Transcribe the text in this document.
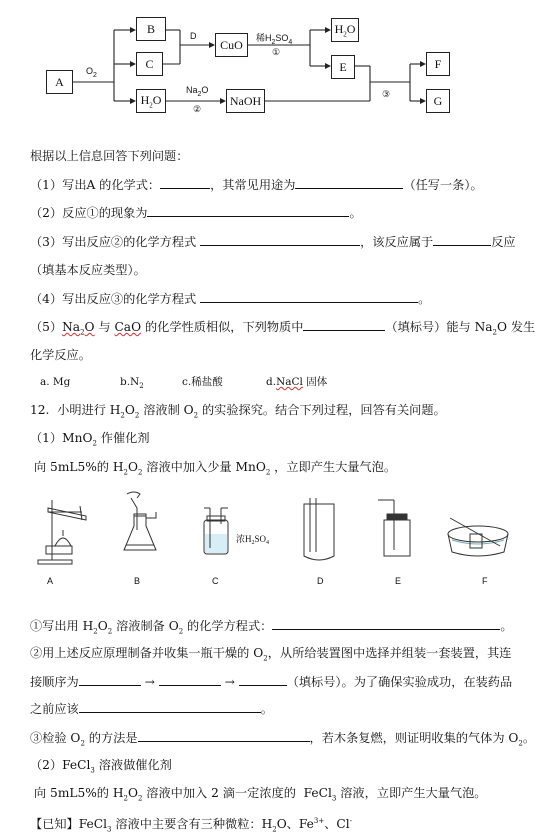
A
B
C
CuO
$H_2O$
E
$H_2O$	NaOH
F
G
$O_2$
D	稀$H_2SO_4$
①
$Na_2O$
②
③
根据以上信息回答下列问题：
（1）写出A 的化学式：	，其常见用途为	（任写一条）。
（2）反应①的现象为	。
（3）写出反应②的化学方程式	，该反应属于	反应
（填基本反应类型）。
（4）写出反应③的化学方程式	。
$(5)Na_2O$ 与 CaO 的化学性质相似，下列物质中	（填标号）能与 $Na_2O$ 发生
化学反应。
a. Mg	$b.N_2$	c.稀盐酸	d.NaCl 固体
12.  小明进行 $H_2O_2$ 溶液制 $O_2$ 的实验探究。结合下列过程，回答有关问题。
（1）MnO$_2$ 作催化剂
向 5mL5%的 $H_2O_2$ 溶液中加入少量 MnO$_2$ ，立即产生大量气泡。
浓$H_2SO_4$
A	B	C	D	E	F
①写出用 $H_2O_2$ 溶液制备 $O_2$ 的化学方程式：	。
②用上述反应原理制备并收集一瓶干燥的 $O_2$，从所给装置图中选择并组装一套装置，其连
接顺序为	→	→	（填标号）。为了确保实验成功，在装药品
之前应该	。
③检验 $O_2$ 的方法是	，若木条复燃，则证明收集的气体为 $O_2$。
（2）FeCl$_3$ 溶液做催化剂
向 5mL5%的 $H_2O_2$ 溶液中加入 2 滴一定浓度的  FeCl$_3$ 溶液，立即产生大量气泡。
【已知】FeCl$_3$ 溶液中主要含有三种微粒：$H_2O$、$Fe^{3+}$、Cl-
